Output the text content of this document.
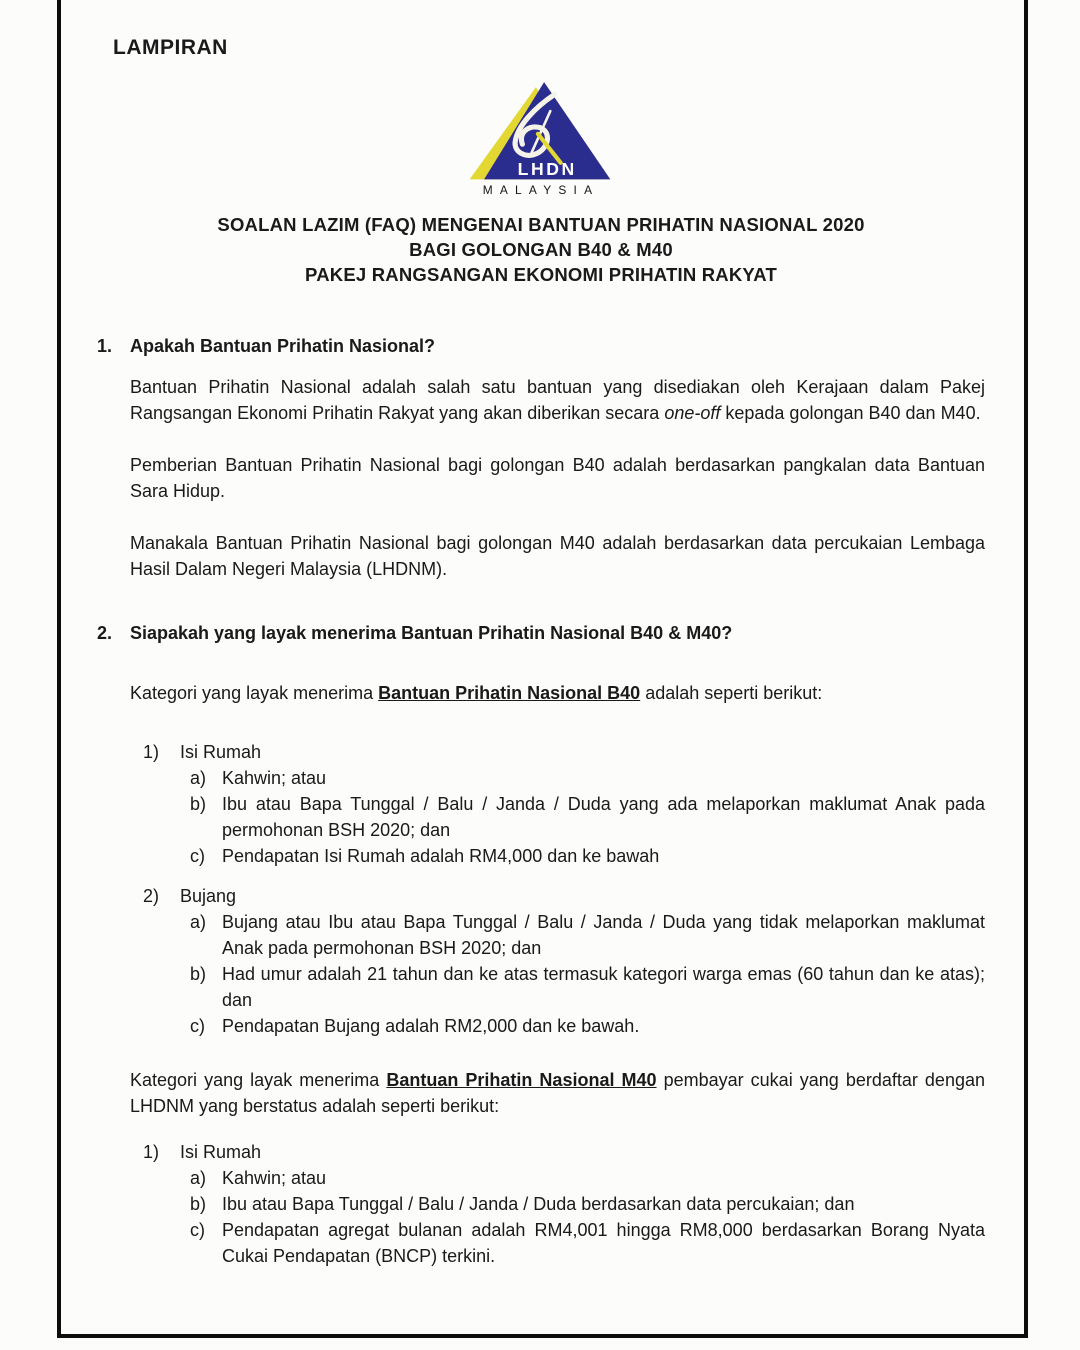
LAMPIRAN
LHDN
MALAYSIA
SOALAN LAZIM (FAQ) MENGENAI BANTUAN PRIHATIN NASIONAL 2020
BAGI GOLONGAN B40 & M40
PAKEJ RANGSANGAN EKONOMI PRIHATIN RAKYAT
1. Apakah Bantuan Prihatin Nasional?

Bantuan Prihatin Nasional adalah salah satu bantuan yang disediakan oleh Kerajaan dalam Pakej Rangsangan Ekonomi Prihatin Rakyat yang akan diberikan secara one-off kepada golongan B40 dan M40.

Pemberian Bantuan Prihatin Nasional bagi golongan B40 adalah berdasarkan pangkalan data Bantuan Sara Hidup.

Manakala Bantuan Prihatin Nasional bagi golongan M40 adalah berdasarkan data percukaian Lembaga Hasil Dalam Negeri Malaysia (LHDNM).

2. Siapakah yang layak menerima Bantuan Prihatin Nasional B40 & M40?

Kategori yang layak menerima Bantuan Prihatin Nasional B40 adalah seperti berikut:

1)	Isi Rumah
a) Kahwin; atau
b) Ibu atau Bapa Tunggal / Balu / Janda / Duda yang ada melaporkan maklumat Anak pada permohonan BSH 2020; dan
c) Pendapatan Isi Rumah adalah RM4,000 dan ke bawah
2)	Bujang
a) Bujang atau Ibu atau Bapa Tunggal / Balu / Janda / Duda yang tidak melaporkan maklumat Anak pada permohonan BSH 2020; dan
b) Had umur adalah 21 tahun dan ke atas termasuk kategori warga emas (60 tahun dan ke atas); dan
c) Pendapatan Bujang adalah RM2,000 dan ke bawah.

Kategori yang layak menerima Bantuan Prihatin Nasional M40 pembayar cukai yang berdaftar dengan LHDNM yang berstatus adalah seperti berikut:

1)	Isi Rumah
a) Kahwin; atau
b) Ibu atau Bapa Tunggal / Balu / Janda / Duda berdasarkan data percukaian; dan
c) Pendapatan agregat bulanan adalah RM4,001 hingga RM8,000 berdasarkan Borang Nyata Cukai Pendapatan (BNCP) terkini.
